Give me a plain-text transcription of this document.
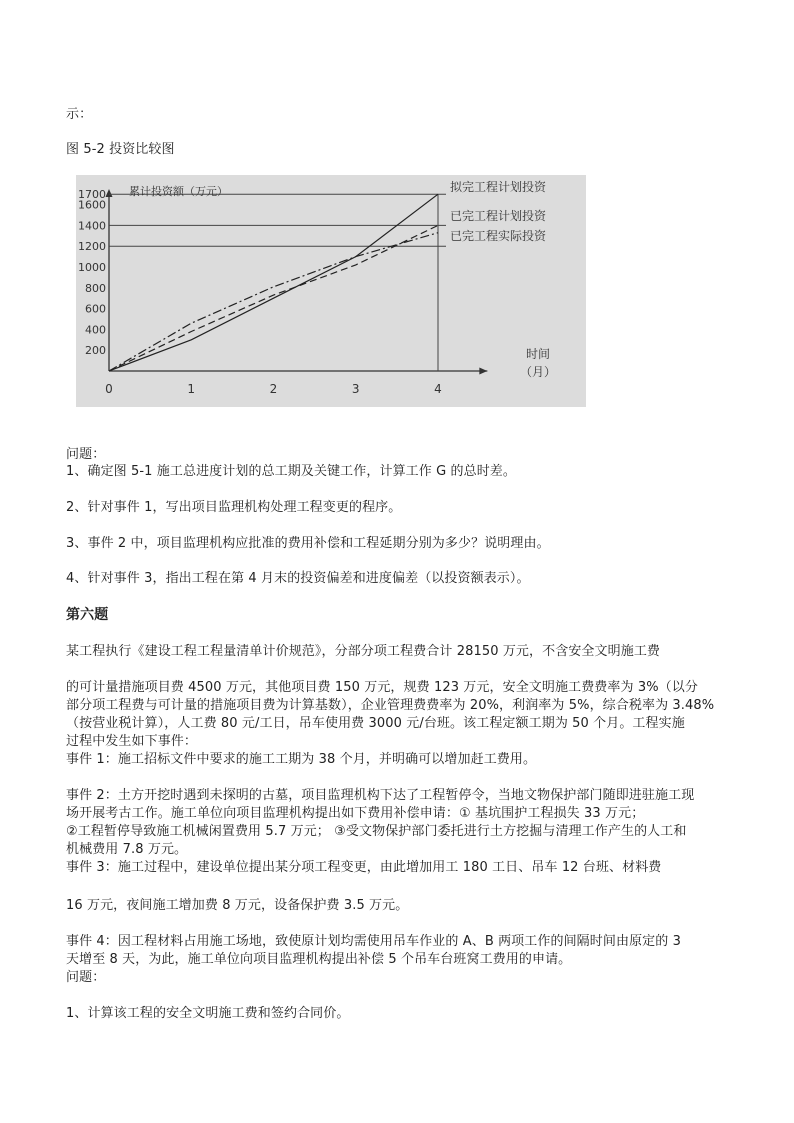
示：
图 5-2 投资比较图
200
400
600
800
1000
1200
1400
1600
1700
0	1	2	3	4
累计投资额（万元）
时间
（月）
拟完工程计划投资
已完工程计划投资
已完工程实际投资
问题：
1、确定图 5-1 施工总进度计划的总工期及关键工作，计算工作 G 的总时差。
2、针对事件 1，写出项目监理机构处理工程变更的程序。
3、事件 2 中，项目监理机构应批准的费用补偿和工程延期分别为多少？说明理由。
4、针对事件 3，指出工程在第 4 月末的投资偏差和进度偏差（以投资额表示）。
第六题
某工程执行《建设工程工程量清单计价规范》，分部分项工程费合计 28150 万元，不含安全文明施工费
的可计量措施项目费 4500 万元，其他项目费 150 万元，规费 123 万元，安全文明施工费费率为 3%（以分
部分项工程费与可计量的措施项目费为计算基数），企业管理费费率为 20%，利润率为 5%，综合税率为 3.48%
（按营业税计算），人工费 80 元/工日，吊车使用费 3000 元/台班。该工程定额工期为 50 个月。工程实施
过程中发生如下事件：
事件 1：施工招标文件中要求的施工工期为 38 个月，并明确可以增加赶工费用。
事件 2：土方开挖时遇到未探明的古墓，项目监理机构下达了工程暂停令，当地文物保护部门随即进驻施工现
场开展考古工作。施工单位向项目监理机构提出如下费用补偿申请：① 基坑围护工程损失 33 万元；
②工程暂停导致施工机械闲置费用 5.7 万元； ③受文物保护部门委托进行土方挖掘与清理工作产生的人工和
机械费用 7.8 万元。
事件 3：施工过程中，建设单位提出某分项工程变更，由此增加用工 180 工日、吊车 12 台班、材料费
16 万元，夜间施工增加费 8 万元，设备保护费 3.5 万元。
事件 4：因工程材料占用施工场地，致使原计划均需使用吊车作业的 A、B 两项工作的间隔时间由原定的 3
天增至 8 天，为此，施工单位向项目监理机构提出补偿 5 个吊车台班窝工费用的申请。
问题：
1、计算该工程的安全文明施工费和签约合同价。
